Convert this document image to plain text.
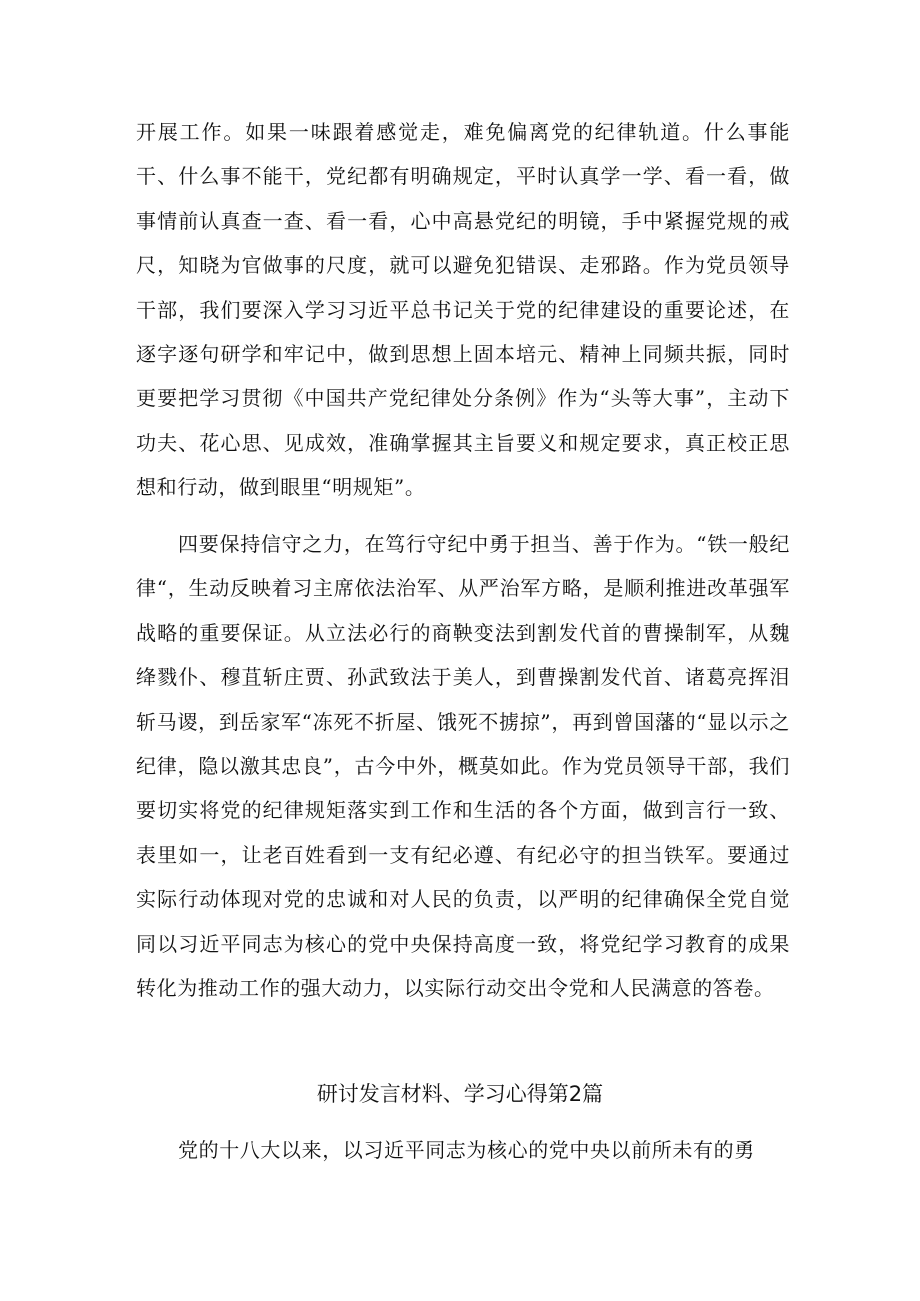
开展工作。如果一味跟着感觉走，难免偏离党的纪律轨道。什么事能干、什么事不能干，党纪都有明确规定，平时认真学一学、看一看，做事情前认真查一查、看一看，心中高悬党纪的明镜，手中紧握党规的戒尺，知晓为官做事的尺度，就可以避免犯错误、走邪路。作为党员领导干部，我们要深入学习习近平总书记关于党的纪律建设的重要论述，在逐字逐句研学和牢记中，做到思想上固本培元、精神上同频共振，同时更要把学习贯彻《中国共产党纪律处分条例》作为“头等大事”，主动下功夫、花心思、见成效，准确掌握其主旨要义和规定要求，真正校正思想和行动，做到眼里“明规矩”。

四要保持信守之力，在笃行守纪中勇于担当、善于作为。“铁一般纪律“，生动反映着习主席依法治军、从严治军方略，是顺利推进改革强军战略的重要保证。从立法必行的商鞅变法到割发代首的曹操制军，从魏绛戮仆、穆苴斩庄贾、孙武致法于美人，到曹操割发代首、诸葛亮挥泪斩马谡，到岳家军“冻死不折屋、饿死不掳掠”，再到曾国藩的“显以示之纪律，隐以激其忠良”，古今中外，概莫如此。作为党员领导干部，我们要切实将党的纪律规矩落实到工作和生活的各个方面，做到言行一致、表里如一，让老百姓看到一支有纪必遵、有纪必守的担当铁军。要通过实际行动体现对党的忠诚和对人民的负责，以严明的纪律确保全党自觉同以习近平同志为核心的党中央保持高度一致，将党纪学习教育的成果转化为推动工作的强大动力，以实际行动交出令党和人民满意的答卷。

研讨发言材料、学习心得第2篇

党的十八大以来，以习近平同志为核心的党中央以前所未有的勇
